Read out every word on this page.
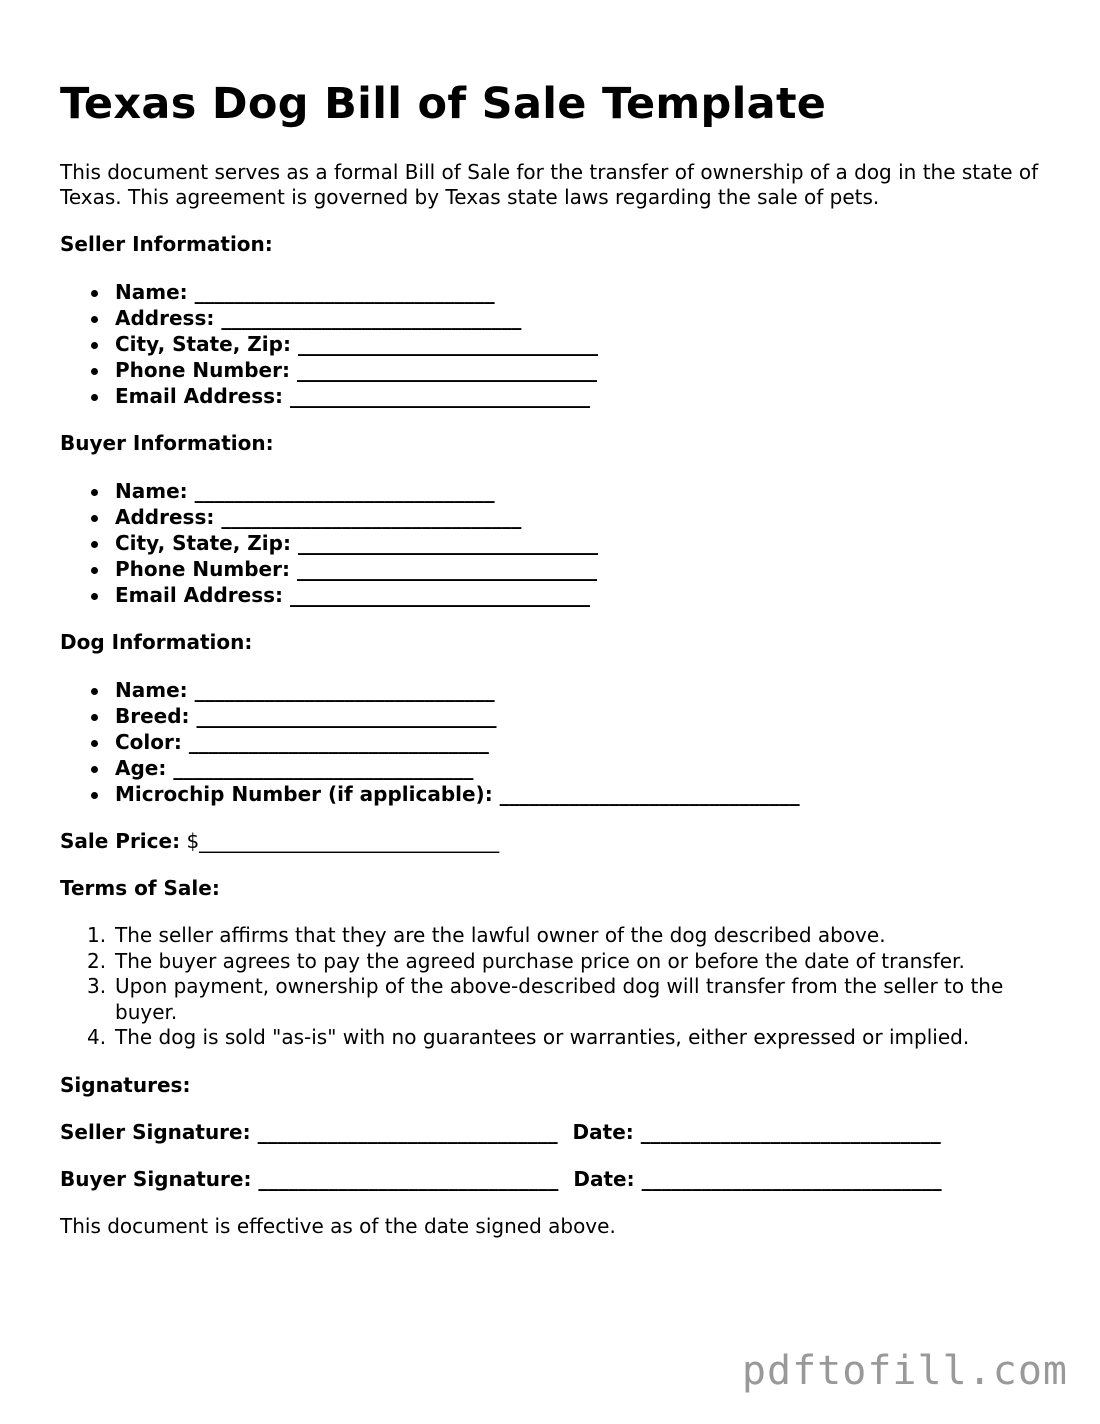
Texas Dog Bill of Sale Template

This document serves as a formal Bill of Sale for the transfer of ownership of a dog in the state of Texas. This agreement is governed by Texas state laws regarding the sale of pets.

Seller Information:
Name: ______________________________
Address: ______________________________
City, State, Zip: ______________________________
Phone Number: ______________________________
Email Address: ______________________________
Buyer Information:
Name: ______________________________
Address: ______________________________
City, State, Zip: ______________________________
Phone Number: ______________________________
Email Address: ______________________________
Dog Information:
Name: ______________________________
Breed: ______________________________
Color: ______________________________
Age: ______________________________
Microchip Number (if applicable): ______________________________
Sale Price: $______________________________
Terms of Sale:
1. The seller affirms that they are the lawful owner of the dog described above.
2. The buyer agrees to pay the agreed purchase price on or before the date of transfer.
3. Upon payment, ownership of the above-described dog will transfer from the seller to the buyer.
4. The dog is sold "as-is" with no guarantees or warranties, either expressed or implied.
Signatures:
Seller Signature: ______________________________ Date: ______________________________
Buyer Signature: ______________________________ Date: ______________________________

This document is effective as of the date signed above.

pdftofill.com
